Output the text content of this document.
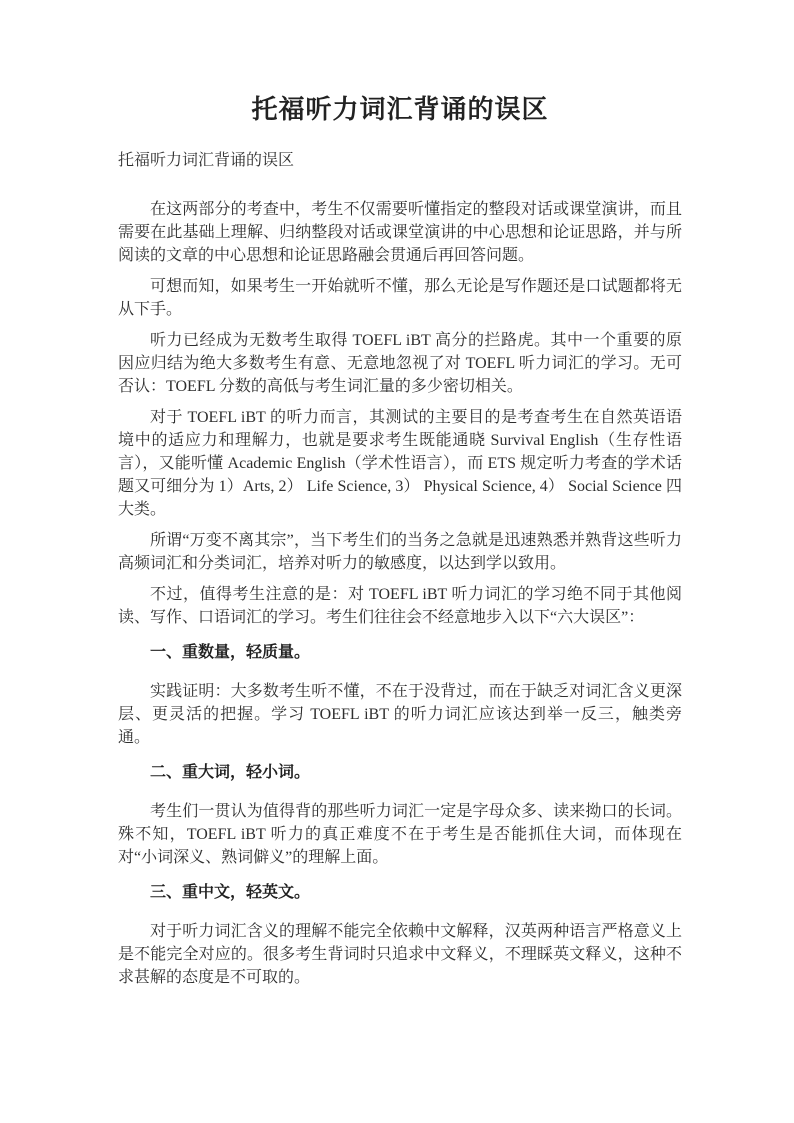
托福听力词汇背诵的误区

托福听力词汇背诵的误区

在这两部分的考查中，考生不仅需要听懂指定的整段对话或课堂演讲，而且需要在此基础上理解、归纳整段对话或课堂演讲的中心思想和论证思路，并与所阅读的文章的中心思想和论证思路融会贯通后再回答问题。

可想而知，如果考生一开始就听不懂，那么无论是写作题还是口试题都将无从下手。

听力已经成为无数考生取得 TOEFL iBT 高分的拦路虎。其中一个重要的原因应归结为绝大多数考生有意、无意地忽视了对 TOEFL 听力词汇的学习。无可否认：TOEFL 分数的高低与考生词汇量的多少密切相关。

对于 TOEFL iBT 的听力而言，其测试的主要目的是考查考生在自然英语语境中的适应力和理解力，也就是要求考生既能通晓 Survival English（生存性语言），又能听懂 Academic English（学术性语言），而 ETS 规定听力考查的学术话题又可细分为 1）Arts, 2） Life Science, 3） Physical Science, 4） Social Science 四大类。

所谓“万变不离其宗”，当下考生们的当务之急就是迅速熟悉并熟背这些听力高频词汇和分类词汇，培养对听力的敏感度，以达到学以致用。

不过，值得考生注意的是：对 TOEFL iBT 听力词汇的学习绝不同于其他阅读、写作、口语词汇的学习。考生们往往会不经意地步入以下“六大误区”：

一、重数量，轻质量。

实践证明：大多数考生听不懂，不在于没背过，而在于缺乏对词汇含义更深层、更灵活的把握。学习 TOEFL iBT 的听力词汇应该达到举一反三，触类旁通。

二、重大词，轻小词。

考生们一贯认为值得背的那些听力词汇一定是字母众多、读来拗口的长词。殊不知，TOEFL iBT 听力的真正难度不在于考生是否能抓住大词，而体现在对“小词深义、熟词僻义”的理解上面。

三、重中文，轻英文。

对于听力词汇含义的理解不能完全依赖中文解释，汉英两种语言严格意义上是不能完全对应的。很多考生背词时只追求中文释义，不理睬英文释义，这种不求甚解的态度是不可取的。
